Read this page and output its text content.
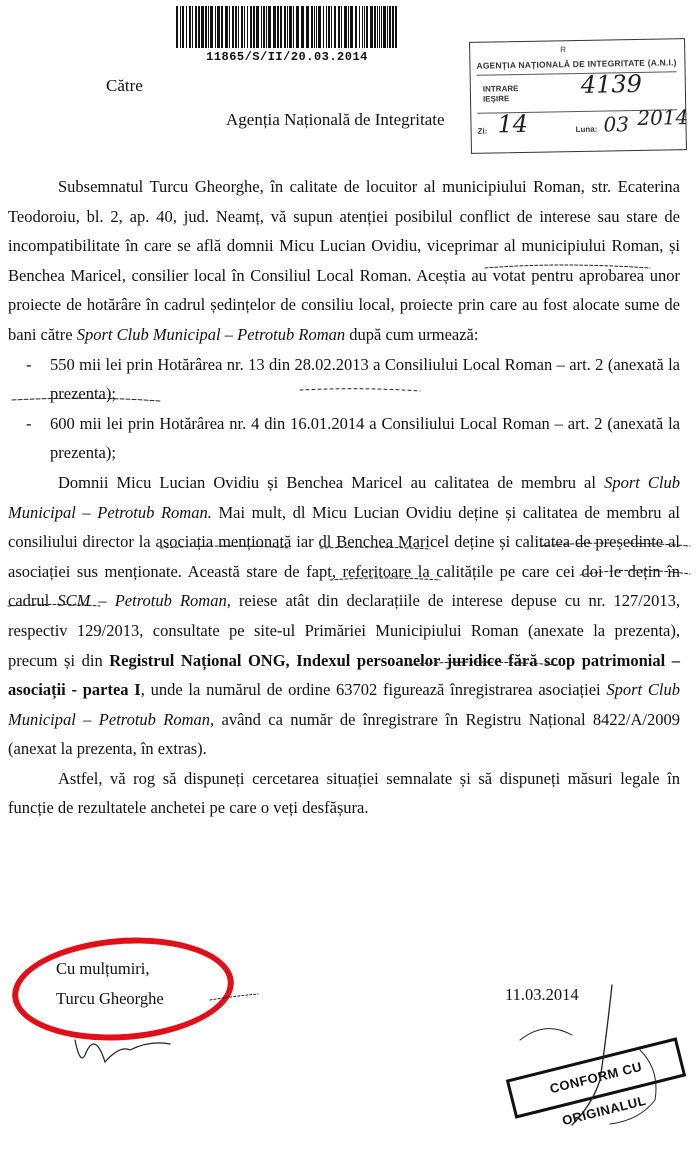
11865/S/II/20.03.2014
R
AGENȚIA NAȚIONALĂ DE INTEGRITATE (A.N.I.)
INTRARE
IEȘIRE	4139
Zi: 14	Luna: 03 2014
Către
Agenția Națională de Integritate

Subsemnatul Turcu Gheorghe, în calitate de locuitor al municipiului Roman, str. Ecaterina Teodoroiu, bl. 2, ap. 40, jud. Neamț, vă supun atenției posibilul conflict de interese sau stare de incompatibilitate în care se află domnii Micu Lucian Ovidiu, viceprimar al municipiului Roman, și Benchea Maricel, consilier local în Consiliul Local Roman. Aceștia au votat pentru aprobarea unor proiecte de hotărâre în cadrul ședințelor de consiliu local, proiecte prin care au fost alocate sume de bani către Sport Club Municipal – Petrotub Roman după cum urmează:

- 550 mii lei prin Hotărârea nr. 13 din 28.02.2013 a Consiliului Local Roman – art. 2 (anexată la prezenta);

- 600 mii lei prin Hotărârea nr. 4 din 16.01.2014 a Consiliului Local Roman – art. 2 (anexată la prezenta);

Domnii Micu Lucian Ovidiu și Benchea Maricel au calitatea de membru al Sport Club Municipal – Petrotub Roman. Mai mult, dl Micu Lucian Ovidiu deține și calitatea de membru al consiliului director la asociația menționată iar dl Benchea Maricel deține și calitatea de președinte al asociației sus menționate. Această stare de fapt, referitoare la calitățile pe care cei doi le dețin în cadrul SCM – Petrotub Roman, reiese atât din declarațiile de interese depuse cu nr. 127/2013, respectiv 129/2013, consultate pe site-ul Primăriei Municipiului Roman (anexate la prezenta), precum și din Registrul Național ONG, Indexul persoanelor juridice fără scop patrimonial – asociații - partea I, unde la numărul de ordine 63702 figurează înregistrarea asociației Sport Club Municipal – Petrotub Roman, având ca număr de înregistrare în Registru Național 8422/A/2009 (anexat la prezenta, în extras).

Astfel, vă rog să dispuneți cercetarea situației semnalate și să dispuneți măsuri legale în funcție de rezultatele anchetei pe care o veți desfășura.

Cu mulțumiri,
Turcu Gheorghe	11.03.2014
CONFORM CU ORIGINALUL
